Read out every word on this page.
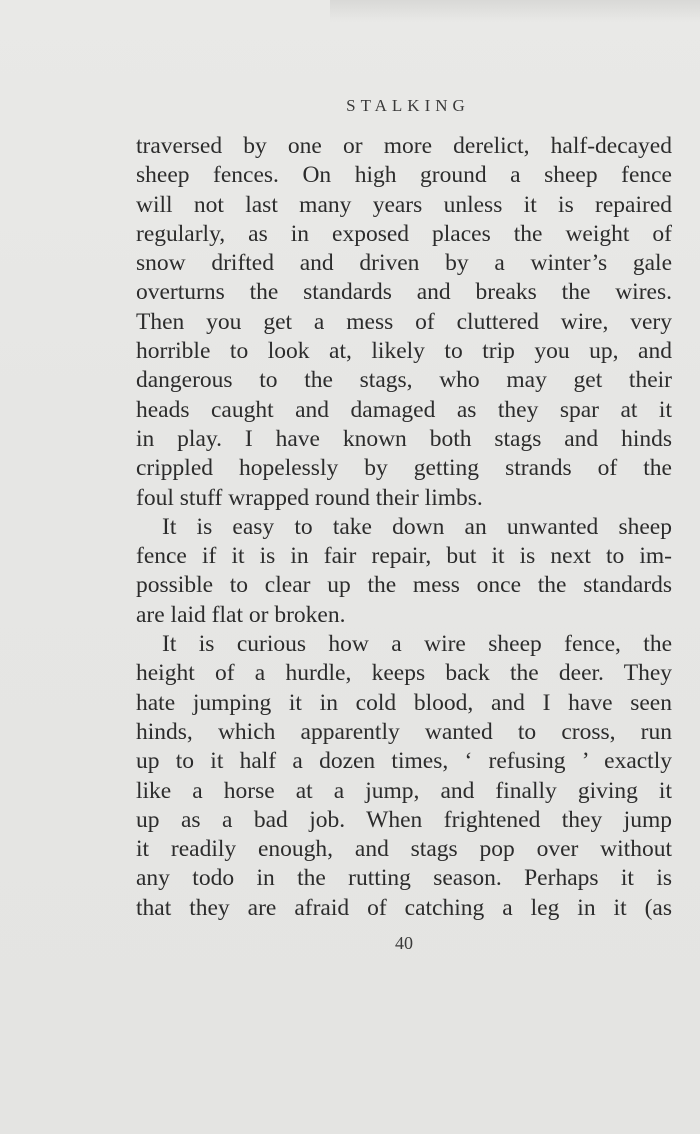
STALKING
traversed by one or more derelict, half-decayed
sheep fences. On high ground a sheep fence
will not last many years unless it is repaired
regularly, as in exposed places the weight of
snow drifted and driven by a winter’s gale
overturns the standards and breaks the wires.
Then you get a mess of cluttered wire, very
horrible to look at, likely to trip you up, and
dangerous to the stags, who may get their
heads caught and damaged as they spar at it
in play. I have known both stags and hinds
crippled hopelessly by getting strands of the
foul stuff wrapped round their limbs.
It is easy to take down an unwanted sheep
fence if it is in fair repair, but it is next to im-
possible to clear up the mess once the standards
are laid flat or broken.
It is curious how a wire sheep fence, the
height of a hurdle, keeps back the deer. They
hate jumping it in cold blood, and I have seen
hinds, which apparently wanted to cross, run
up to it half a dozen times, ‘ refusing ’ exactly
like a horse at a jump, and finally giving it
up as a bad job. When frightened they jump
it readily enough, and stags pop over without
any todo in the rutting season. Perhaps it is
that they are afraid of catching a leg in it (as
40
